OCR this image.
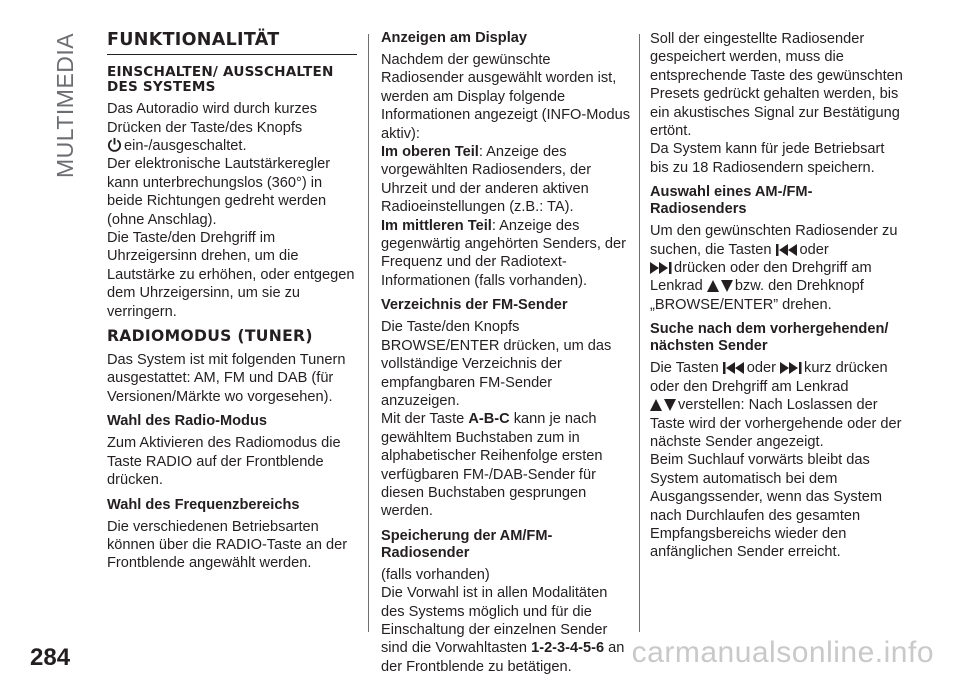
MULTIMEDIA FUNKTIONALITÄT
EINSCHALTEN/ AUSSCHALTEN DES SYSTEMS

Das Autoradio wird durch kurzes Drücken der Taste/des Knopfs
ein-/ausgeschaltet.

Der elektronische Lautstärkeregler kann unterbrechungslos (360°) in beide Richtungen gedreht werden (ohne Anschlag).

Die Taste/den Drehgriff im Uhrzeigersinn drehen, um die Lautstärke zu erhöhen, oder entgegen dem Uhrzeigersinn, um sie zu verringern.

RADIOMODUS (TUNER)

Das System ist mit folgenden Tunern ausgestattet: AM, FM und DAB (für Versionen/Märkte wo vorgesehen).

Wahl des Radio-Modus

Zum Aktivieren des Radiomodus die Taste RADIO auf der Frontblende drücken.

Wahl des Frequenzbereichs

Die verschiedenen Betriebsarten können über die RADIO-Taste an der Frontblende angewählt werden.

Anzeigen am Display

Nachdem der gewünschte Radiosender ausgewählt worden ist, werden am Display folgende Informationen angezeigt (INFO-Modus aktiv):

Im oberen Teil: Anzeige des vorgewählten Radiosenders, der Uhrzeit und der anderen aktiven Radioeinstellungen (z.B.: TA).

Im mittleren Teil: Anzeige des gegenwärtig angehörten Senders, der Frequenz und der Radiotext-Informationen (falls vorhanden).

Verzeichnis der FM-Sender

Die Taste/den Knopfs BROWSE/ENTER drücken, um das vollständige Verzeichnis der empfangbaren FM-Sender anzuzeigen.

Mit der Taste A-B-C kann je nach gewähltem Buchstaben zum in alphabetischer Reihenfolge ersten verfügbaren FM-/DAB-Sender für diesen Buchstaben gesprungen werden.

Speicherung der AM/FM-Radiosender

(falls vorhanden)

Die Vorwahl ist in allen Modalitäten des Systems möglich und für die Einschaltung der einzelnen Sender sind die Vorwahltasten 1-2-3-4-5-6 an der Frontblende zu betätigen.

Soll der eingestellte Radiosender gespeichert werden, muss die entsprechende Taste des gewünschten Presets gedrückt gehalten werden, bis ein akustisches Signal zur Bestätigung ertönt.

Da System kann für jede Betriebsart bis zu 18 Radiosendern speichern.

Auswahl eines AM-/FM-Radiosenders

Um den gewünschten Radiosender zu suchen, die Tasten oder
drücken oder den Drehgriff am Lenkrad bzw. den Drehknopf „BROWSE/ENTER” drehen.

Suche nach dem vorhergehenden/ nächsten Sender

Die Tasten oder kurz drücken oder den Drehgriff am Lenkrad
verstellen: Nach Loslassen der Taste wird der vorhergehende oder der nächste Sender angezeigt.

Beim Suchlauf vorwärts bleibt das System automatisch bei dem Ausgangssender, wenn das System nach Durchlaufen des gesamten Empfangsbereichs wieder den anfänglichen Sender erreicht.

284	carmanualsonline.info
